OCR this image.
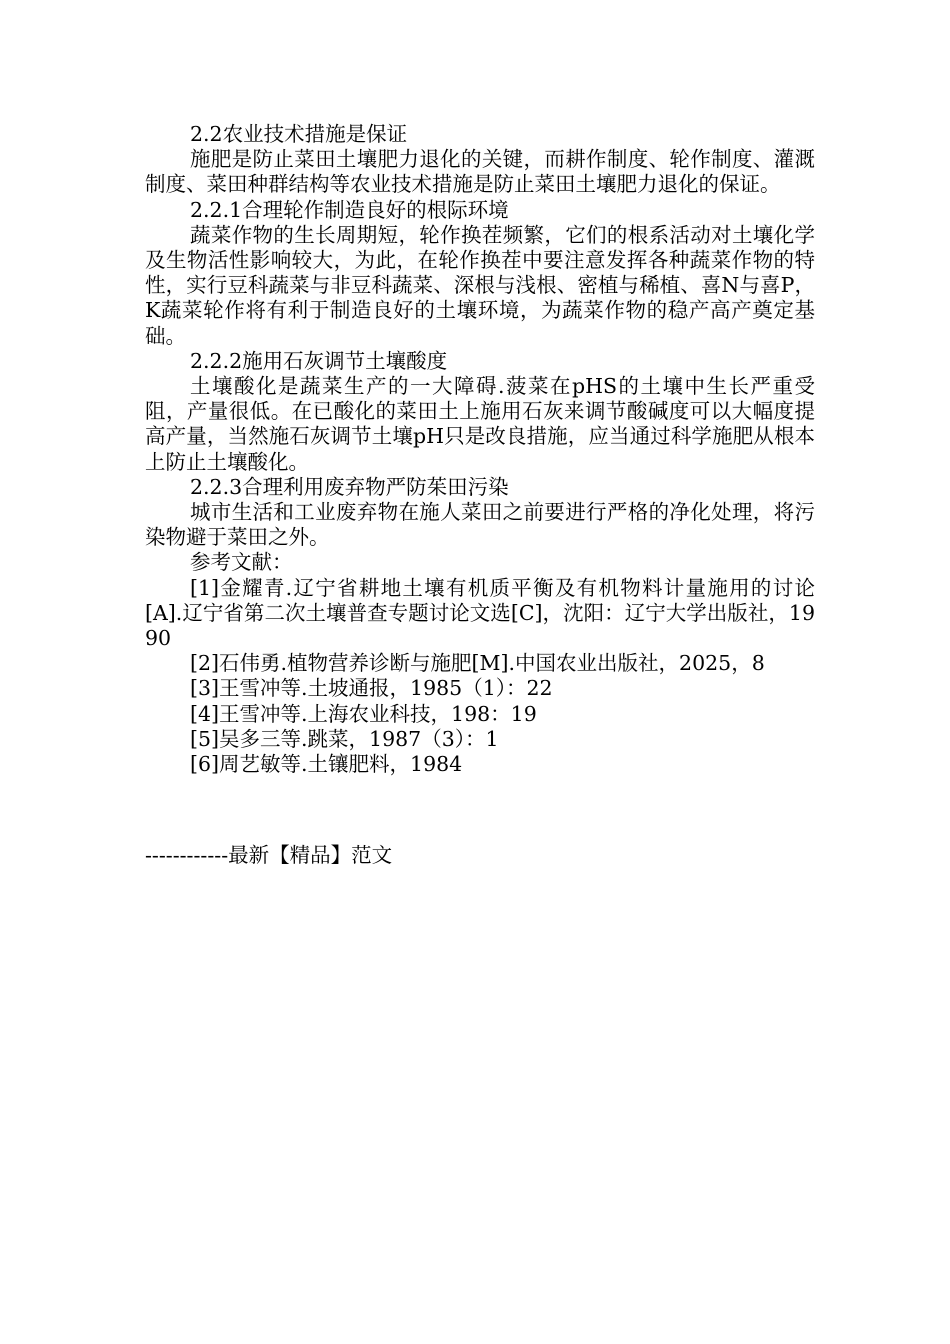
2.2农业技术措施是保证

施肥是防止菜田土壤肥力退化的关键，而耕作制度、轮作制度、灌溉制度、菜田种群结构等农业技术措施是防止菜田土壤肥力退化的保证。

2.2.1合理轮作制造良好的根际环境

蔬菜作物的生长周期短，轮作换茬频繁，它们的根系活动对土壤化学及生物活性影响较大，为此，在轮作换茬中要注意发挥各种蔬菜作物的特性，实行豆科蔬菜与非豆科蔬菜、深根与浅根、密植与稀植、喜N与喜P，K蔬菜轮作将有利于制造良好的土壤环境，为蔬菜作物的稳产高产奠定基础。

2.2.2施用石灰调节土壤酸度

土壤酸化是蔬菜生产的一大障碍.菠菜在pHS的土壤中生长严重受阻，产量很低。在已酸化的菜田土上施用石灰来调节酸碱度可以大幅度提高产量，当然施石灰调节土壤pH只是改良措施，应当通过科学施肥从根本上防止土壤酸化。

2.2.3合理利用废弃物严防茱田污染

城市生活和工业废弃物在施人菜田之前要进行严格的净化处理，将污染物避于菜田之外。

参考文献：

[1]金耀青.辽宁省耕地土壤有机质平衡及有机物料计量施用的讨论[A].辽宁省第二次土壤普查专题讨论文选[C]，沈阳：辽宁大学出版社，1990

[2]石伟勇.植物营养诊断与施肥[M].中国农业出版社，2025，8
[3]王雪冲等.土坡通报，1985（1）：22
[4]王雪冲等.上海农业科技，198：19
[5]吴多三等.跳菜，1987（3）：1
[6]周艺敏等.土镶肥料，1984
------------最新【精品】范文
